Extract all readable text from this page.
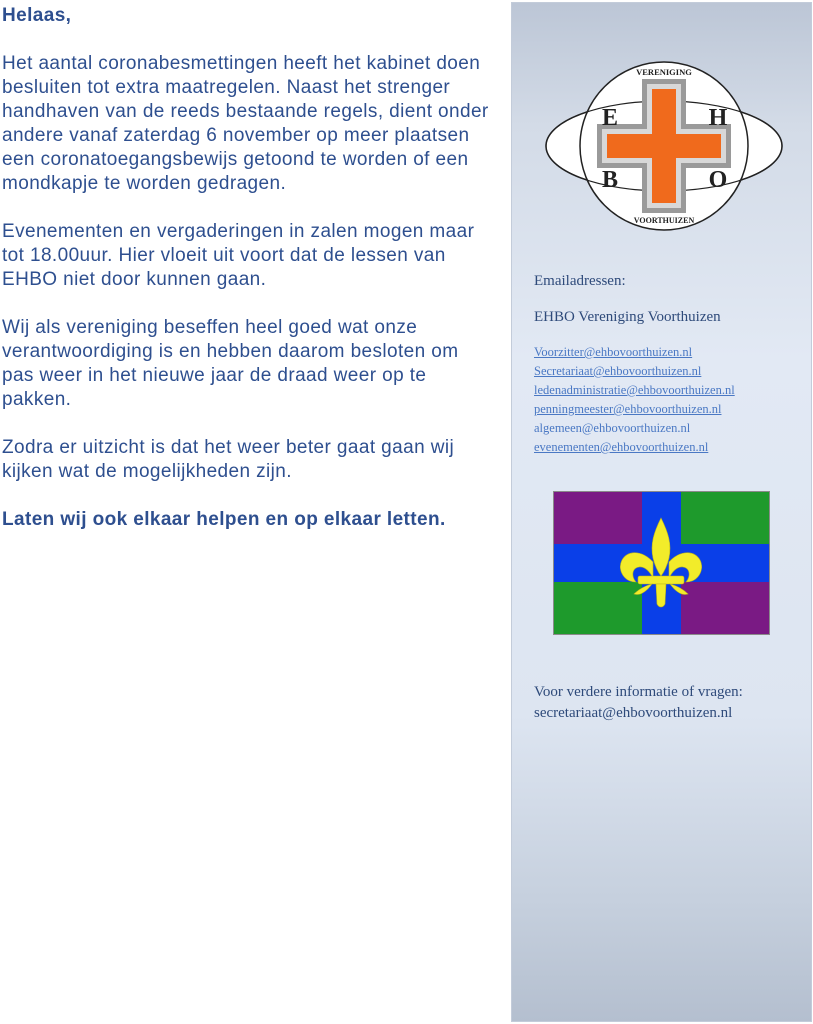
Helaas,

Het aantal coronabesmettingen heeft het kabinet doen besluiten tot extra maatregelen. Naast het strenger handhaven van de reeds bestaande regels, dient onder andere vanaf zaterdag 6 november op meer plaatsen een coronatoegangsbewijs getoond te worden of een mondkapje te worden gedragen.

Evenementen en vergaderingen in zalen mogen maar tot 18.00uur. Hier vloeit uit voort dat de lessen van EHBO niet door kunnen gaan.

Wij als vereniging beseffen heel goed wat onze verantwoordiging is en hebben daarom besloten om pas weer in het nieuwe jaar de draad weer op te pakken.

Zodra er uitzicht is dat het weer beter gaat gaan wij kijken wat de mogelijkheden zijn.

Laten wij ook elkaar helpen en op elkaar letten.

VERENIGING
E	H
B	O
VOORTHUIZEN
Emailadressen:
EHBO Vereniging Voorthuizen
Voorzitter@ehbovoorthuizen.nl
Secretariaat@ehbovoorthuizen.nl
ledenadministratie@ehbovoorthuizen.nl
penningmeester@ehbovoorthuizen.nl
algemeen@ehbovoorthuizen.nl
evenementen@ehbovoorthuizen.nl
Voor verdere informatie of vragen:
secretariaat@ehbovoorthuizen.nl
